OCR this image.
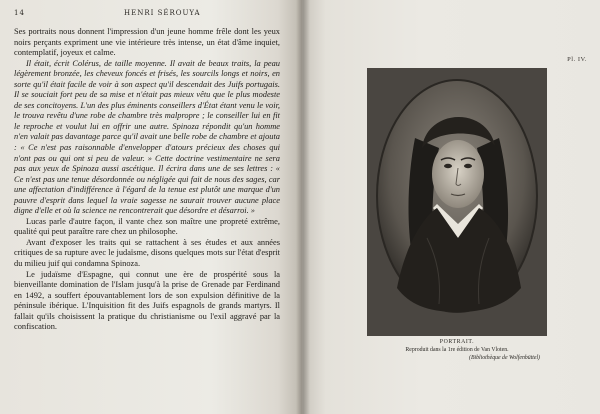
14	HENRI SÉROUYA

Ses portraits nous donnent l'impression d'un jeune homme frêle dont les yeux noirs perçants expriment une vie intérieure très intense, un état d'âme inquiet, contemplatif, joyeux et calme.

Il était, écrit Colérus, de taille moyenne. Il avait de beaux traits, la peau légèrement bronzée, les cheveux foncés et frisés, les sourcils longs et noirs, en sorte qu'il était facile de voir à son aspect qu'il descendait des Juifs portugais. Il se souciait fort peu de sa mise et n'était pas mieux vêtu que le plus modeste de ses concitoyens. L'un des plus éminents conseillers d'État étant venu le voir, le trouva revêtu d'une robe de chambre très malpropre ; le conseiller lui en fit le reproche et voulut lui en offrir une autre. Spinoza répondit qu'un homme n'en valait pas davantage parce qu'il avait une belle robe de chambre et ajouta : « Ce n'est pas raisonnable d'envelopper d'atours précieux des choses qui n'ont pas ou qui ont si peu de valeur. » Cette doctrine vestimentaire ne sera pas aux yeux de Spinoza aussi ascétique. Il écrira dans une de ses lettres : « Ce n'est pas une tenue désordonnée ou négligée qui fait de nous des sages, car une affectation d'indifférence à l'égard de la tenue est plutôt une marque d'un pauvre d'esprit dans lequel la vraie sagesse ne saurait trouver aucune place digne d'elle et où la science ne rencontrerait que désordre et désarroi. »

Lucas parle d'autre façon, il vante chez son maître une propreté extrême, qualité qui peut paraître rare chez un philosophe.

Avant d'exposer les traits qui se rattachent à ses études et aux années critiques de sa rupture avec le judaïsme, disons quelques mots sur l'état d'esprit du milieu juif qui condamna Spinoza.

Le judaïsme d'Espagne, qui connut une ère de prospérité sous la bienveillante domination de l'Islam jusqu'à la prise de Grenade par Ferdinand en 1492, a souffert épouvantablement lors de son expulsion définitive de la péninsule ibérique. L'Inquisition fit des Juifs espagnols de grands martyrs. Il fallait qu'ils choisissent la pratique du christianisme ou l'exil aggravé par la confiscation.

Pl. IV.
PORTRAIT.
Reproduit dans la 1re édition de Van Vloten.
(Bibliothèque de Wolfenbüttel)
